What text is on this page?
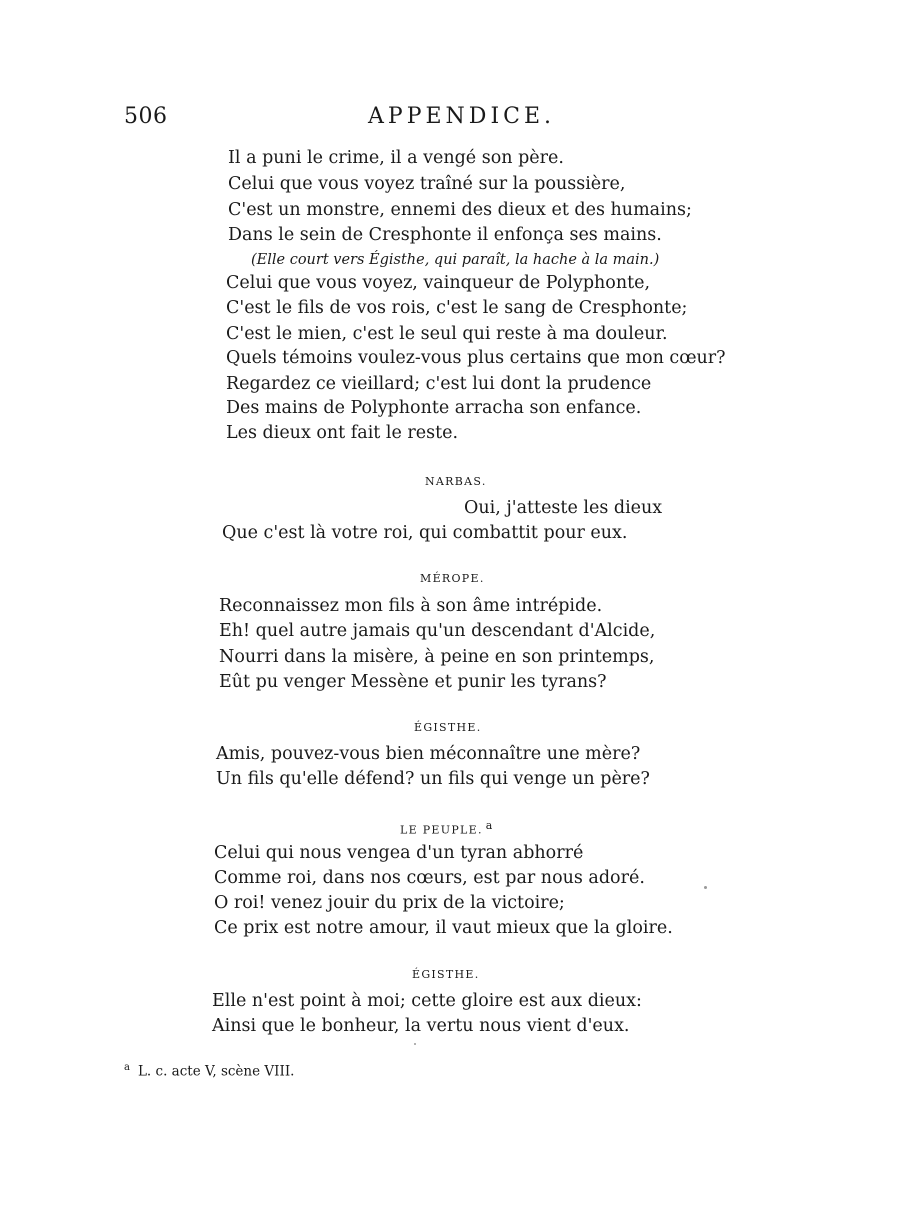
506	APPENDICE.
Il a puni le crime, il a vengé son père.
Celui que vous voyez traîné sur la poussière,
C'est un monstre, ennemi des dieux et des humains;
Dans le sein de Cresphonte il enfonça ses mains.
(Elle court vers Égisthe, qui paraît, la hache à la main.)
Celui que vous voyez, vainqueur de Polyphonte,
C'est le fils de vos rois, c'est le sang de Cresphonte;
C'est le mien, c'est le seul qui reste à ma douleur.
Quels témoins voulez-vous plus certains que mon cœur?
Regardez ce vieillard; c'est lui dont la prudence
Des mains de Polyphonte arracha son enfance.
Les dieux ont fait le reste.
NARBAS.
Oui, j'atteste les dieux
Que c'est là votre roi, qui combattit pour eux.
MÉROPE.
Reconnaissez mon fils à son âme intrépide.
Eh! quel autre jamais qu'un descendant d'Alcide,
Nourri dans la misère, à peine en son printemps,
Eût pu venger Messène et punir les tyrans?
ÉGISTHE.
Amis, pouvez-vous bien méconnaître une mère?
Un fils qu'elle défend? un fils qui venge un père?
LE PEUPLE. $^a$
Celui qui nous vengea d'un tyran abhorré
Comme roi, dans nos cœurs, est par nous adoré.
O roi! venez jouir du prix de la victoire;
Ce prix est notre amour, il vaut mieux que la gloire.
ÉGISTHE.
Elle n'est point à moi; cette gloire est aux dieux:
Ainsi que le bonheur, la vertu nous vient d'eux.
$^a$ L. c. acte V, scène VIII.
